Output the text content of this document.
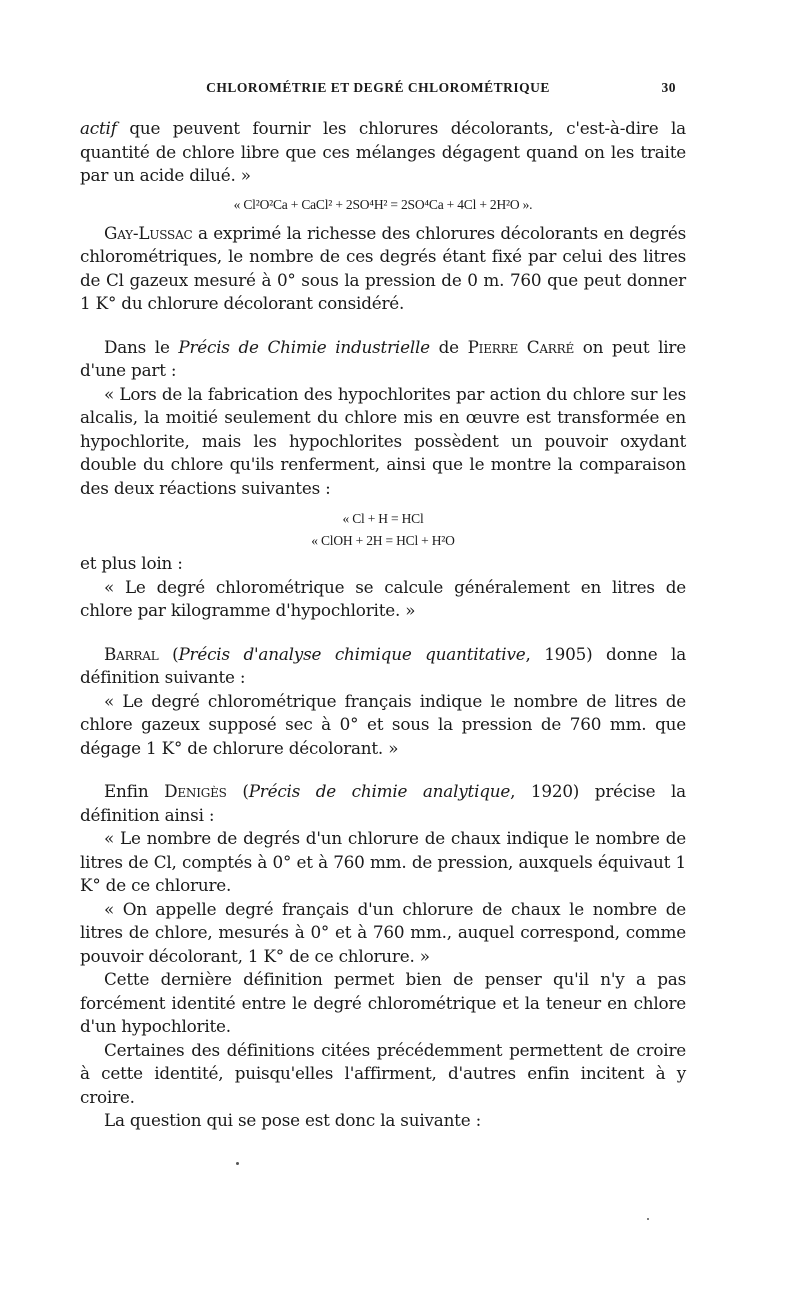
CHLOROMÉTRIE ET DEGRÉ CHLOROMÉTRIQUE	30

actif que peuvent fournir les chlorures décolorants, c'est-à-dire la quantité de chlore libre que ces mélanges dégagent quand on les traite par un acide dilué. »

« Cl²O²Ca + CaCl² + 2SO⁴H² = 2SO⁴Ca + 4Cl + 2H²O ».

Gay-Lussac a exprimé la richesse des chlorures décolorants en degrés chlorométriques, le nombre de ces degrés étant fixé par celui des litres de Cl gazeux mesuré à 0° sous la pression de 0 m. 760 que peut donner 1 K° du chlorure décolorant considéré.

Dans le Précis de Chimie industrielle de Pierre Carré on peut lire d'une part :

« Lors de la fabrication des hypochlorites par action du chlore sur les alcalis, la moitié seulement du chlore mis en œuvre est transformée en hypochlorite, mais les hypochlorites possèdent un pouvoir oxydant double du chlore qu'ils renferment, ainsi que le montre la comparaison des deux réactions suivantes :

« Cl + H = HCl
« ClOH + 2H = HCl + H²O

et plus loin :

« Le degré chlorométrique se calcule généralement en litres de chlore par kilogramme d'hypochlorite. »

Barral (Précis d'analyse chimique quantitative, 1905) donne la définition suivante :

« Le degré chlorométrique français indique le nombre de litres de chlore gazeux supposé sec à 0° et sous la pression de 760 mm. que dégage 1 K° de chlorure décolorant. »

Enfin Denigès (Précis de chimie analytique, 1920) précise la définition ainsi :

« Le nombre de degrés d'un chlorure de chaux indique le nombre de litres de Cl, comptés à 0° et à 760 mm. de pression, auxquels équivaut 1 K° de ce chlorure.

« On appelle degré français d'un chlorure de chaux le nombre de litres de chlore, mesurés à 0° et à 760 mm., auquel correspond, comme pouvoir décolorant, 1 K° de ce chlorure. »

Cette dernière définition permet bien de penser qu'il n'y a pas forcément identité entre le degré chlorométrique et la teneur en chlore d'un hypochlorite.

Certaines des définitions citées précédemment permettent de croire à cette identité, puisqu'elles l'affirment, d'autres enfin incitent à y croire.

La question qui se pose est donc la suivante :
